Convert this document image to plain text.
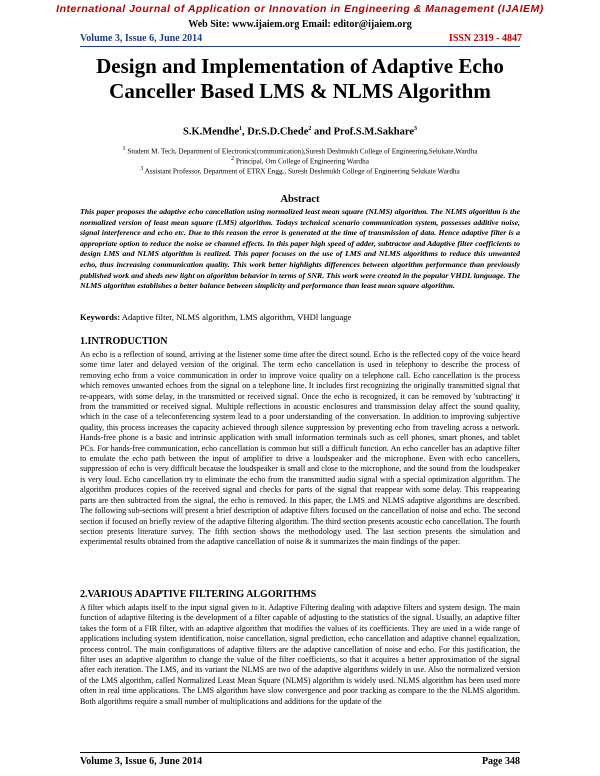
International Journal of Application or Innovation in Engineering & Management (IJAIEM)
Web Site: www.ijaiem.org Email: editor@ijaiem.org
Volume 3, Issue 6, June 2014	ISSN 2319 - 4847
Design and Implementation of Adaptive Echo
Canceller Based LMS & NLMS Algorithm
S.K.Mendhe$^1$, Dr.S.D.Chede$^2$ and Prof.S.M.Sakhare$^3$
$^1$ Student M. Tech, Department of Electronics(communication),Suresh Deshmukh College of Engineering,Selukate,Wardha
$^2$ Principal, Om College of Engineering Wardha
$^3$ Assistant Professor, Department of ETRX Engg., Suresh Deshmukh College of Engineering Selukate Wardha
Abstract
This paper proposes the adaptive echo cancellation using normalized least mean square (NLMS) algorithm. The NLMS algorithm is the normalized version of least mean square (LMS) algorithm. Todays technical scenario communication system, possesses additive noise, signal interference and echo etc. Due to this reason the error is generated at the time of transmission of data. Hence adaptive filter is a appropriate option to reduce the noise or channel effects. In this paper high speed of adder, subtractor and Adaptive filter coefficients to design LMS and NLMS algorithm is realized. This paper focuses on the use of LMS and NLMS algorithms to reduce this unwanted echo, thus increasing communication quality. This work better highlights differences between algorithm performance than previously published work and sheds new light on algorithm behavior in terms of SNR. This work were created in the popular VHDL language. The NLMS algorithm establishes a better balance between simplicity and performance than least mean square algorithm.
Keywords: Adaptive filter, NLMS algorithm, LMS algorithm, VHDl language
1.INTRODUCTION
An echo is a reflection of sound, arriving at the listener some time after the direct sound. Echo is the reflected copy of the voice heard some time later and delayed version of the original. The term echo cancellation is used in telephony to describe the process of removing echo from a voice communication in order to improve voice quality on a telephone call. Echo cancellation is the process which removes unwanted echoes from the signal on a telephone line. It includes first recognizing the originally transmitted signal that re-appears, with some delay, in the transmitted or received signal. Once the echo is recognized, it can be removed by 'subtracting' it from the transmitted or received signal. Multiple reflections in acoustic enclosures and transmission delay affect the sound quality, which in the case of a teleconferencing system lead to a poor understanding of the conversation. In addition to improving subjective quality, this process increases the capacity achieved through silence suppression by preventing echo from traveling across a network. Hands-free phone is a basic and intrinsic application with small information terminals such as cell phones, smart phones, and tablet PCs. For hands-free communication, echo cancellation is common but still a difficult function. An echo canceller has an adaptive filter to emulate the echo path between the input of amplifier to drive a loudspeaker and the microphone. Even with echo cancellers, suppression of echo is very difficult because the loudspeaker is small and close to the microphone, and the sound from the loudspeaker is very loud. Echo cancellation try to eliminate the echo from the transmitted audio signal with a special optimization algorithm. The algorithm produces copies of the received signal and checks for parts of the signal that reappear with some delay. This reappearing parts are then subtracted from the signal, the echo is removed. In this paper, the LMS and NLMS adaptive algorithms are described. The following sub-sections will present a brief description of adaptive filters focused on the cancellation of noise and echo. The second section if focused on briefly review of the adaptive filtering algorithm. The third section presents acoustic echo cancellation. The fourth section presents literature survey. The fifth section shows the methodology used. The last section presents the simulation and experimental results obtained from the adaptive cancellation of noise & it summarizes the main findings of the paper.
2.VARIOUS ADAPTIVE FILTERING ALGORITHMS
A filter which adapts itself to the input signal given to it. Adaptive Filtering dealing with adaptive filters and system design. The main function of adaptive filtering is the development of a filter capable of adjusting to the statistics of the signal. Usually, an adaptive filter takes the form of a FIR filter, with an adaptive algorithm that modifies the values of its coefficients. They are used in a wide range of applications including system identification, noise cancellation, signal prediction, echo cancellation and adaptive channel equalization, process control. The main configurations of adaptive filters are the adaptive cancellation of noise and echo. For this justification, the filter uses an adaptive algorithm to change the value of the filter coefficients, so that it acquires a better approximation of the signal after each iteration. The LMS, and its variant the NLMS are two of the adaptive algorithms widely in use. Also the normalized version of the LMS algorithm, called Normalized Least Mean Square (NLMS) algorithm is widely used. NLMS algorithm has been used more often in real time applications. The LMS algorithm have slow convergence and poor tracking as compare to the the NLMS algorithm. Both algorithms require a small number of multiplications and additions for the update of the
Volume 3, Issue 6, June 2014	Page 348
